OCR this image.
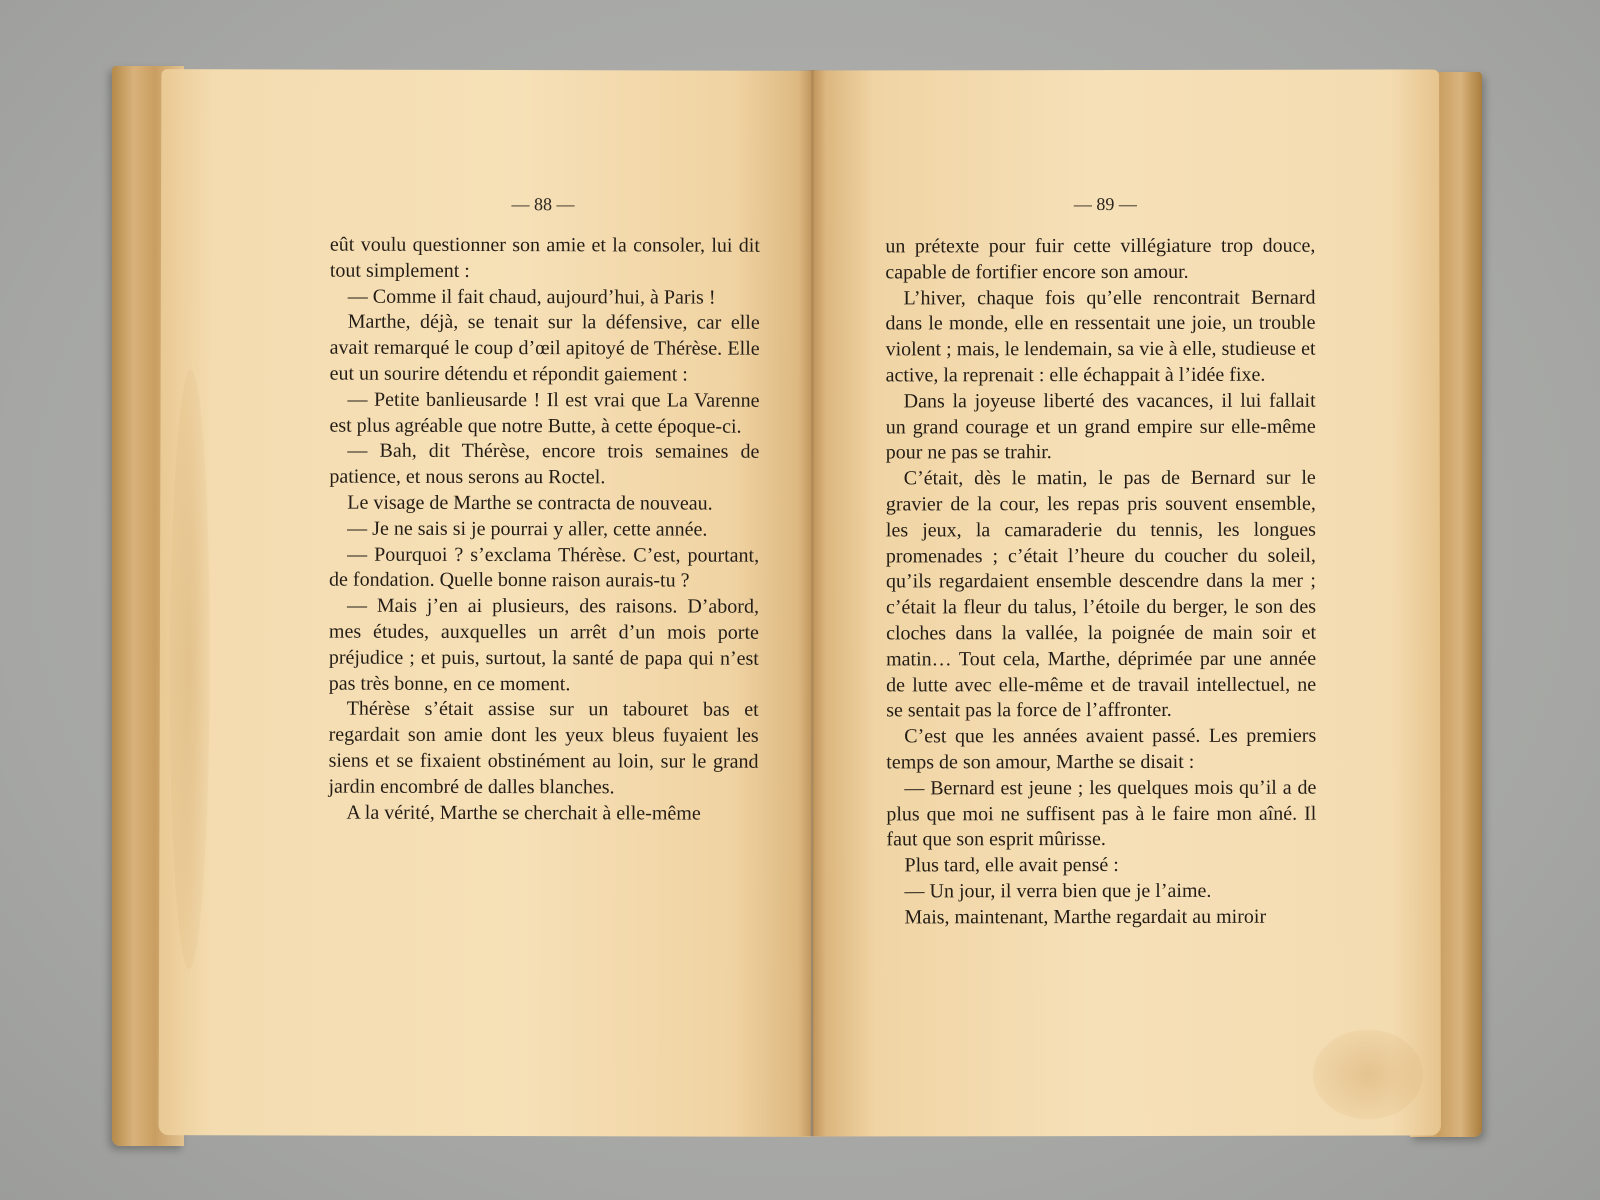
— 88 —

eût voulu questionner son amie et la consoler, lui dit tout simplement :

— Comme il fait chaud, aujourd’hui, à Paris !

Marthe, déjà, se tenait sur la défensive, car elle avait remarqué le coup d’œil apitoyé de Thérèse. Elle eut un sourire détendu et répondit gaiement :

— Petite banlieusarde ! Il est vrai que La Varenne est plus agréable que notre Butte, à cette époque-ci.

— Bah, dit Thérèse, encore trois semaines de patience, et nous serons au Roctel.

Le visage de Marthe se contracta de nouveau.

— Je ne sais si je pourrai y aller, cette année.

— Pourquoi ? s’exclama Thérèse. C’est, pourtant, de fondation. Quelle bonne raison aurais-tu ?

— Mais j’en ai plusieurs, des raisons. D’abord, mes études, auxquelles un arrêt d’un mois porte préjudice ; et puis, surtout, la santé de papa qui n’est pas très bonne, en ce moment.

Thérèse s’était assise sur un tabouret bas et regardait son amie dont les yeux bleus fuyaient les siens et se fixaient obstinément au loin, sur le grand jardin encombré de dalles blanches.

A la vérité, Marthe se cherchait à elle-même

— 89 —

un prétexte pour fuir cette villégiature trop douce, capable de fortifier encore son amour.

L’hiver, chaque fois qu’elle rencontrait Bernard dans le monde, elle en ressentait une joie, un trouble violent ; mais, le lendemain, sa vie à elle, studieuse et active, la reprenait : elle échappait à l’idée fixe.

Dans la joyeuse liberté des vacances, il lui fallait un grand courage et un grand empire sur elle-même pour ne pas se trahir.

C’était, dès le matin, le pas de Bernard sur le gravier de la cour, les repas pris souvent ensemble, les jeux, la camaraderie du tennis, les longues promenades ; c’était l’heure du coucher du soleil, qu’ils regardaient ensemble descendre dans la mer ; c’était la fleur du talus, l’étoile du berger, le son des cloches dans la vallée, la poignée de main soir et matin… Tout cela, Marthe, déprimée par une année de lutte avec elle-même et de travail intellectuel, ne se sentait pas la force de l’affronter.

C’est que les années avaient passé. Les premiers temps de son amour, Marthe se disait :

— Bernard est jeune ; les quelques mois qu’il a de plus que moi ne suffisent pas à le faire mon aîné. Il faut que son esprit mûrisse.

Plus tard, elle avait pensé :

— Un jour, il verra bien que je l’aime.

Mais, maintenant, Marthe regardait au miroir
